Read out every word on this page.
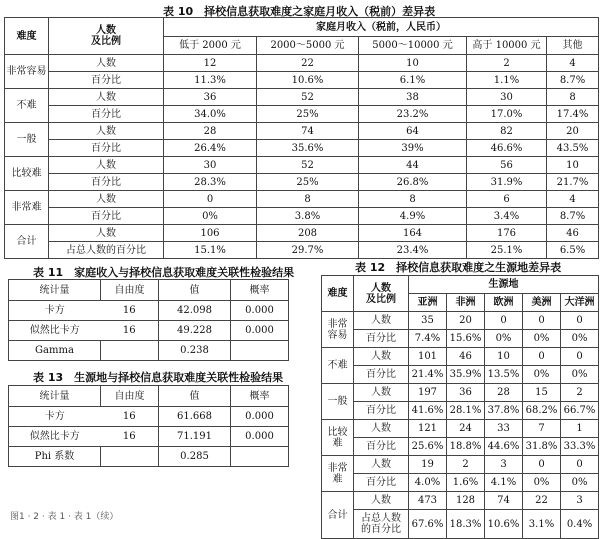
表 10　择校信息获取难度之家庭月收入（税前）差异表
难度	人数
及比例	家庭月收入（税前，人民币）				
		低于 2000 元	2000～5000 元	5000～10000 元	高于 10000 元	其他
非常容易	人数	12	22	10	2	4
	百分比	11.3%	10.6%	6.1%	1.1%	8.7%
不难	人数	36	52	38	30	8
	百分比	34.0%	25%	23.2%	17.0%	17.4%
一般	人数	28	74	64	82	20
	百分比	26.4%	35.6%	39%	46.6%	43.5%
比较难	人数	30	52	44	56	10
	百分比	28.3%	25%	26.8%	31.9%	21.7%
非常难	人数	0	8	8	6	4
	百分比	0%	3.8%	4.9%	3.4%	8.7%
合计	人数	106	208	164	176	46
	占总人数的百分比	15.1%	29.7%	23.4%	25.1%	6.5%
表 11　家庭收入与择校信息获取难度关联性检验结果
统计量	自由度	值	概率
卡方	16	42.098	0.000
似然比卡方	16	49.228	0.000
Gamma		0.238	
表 13　生源地与择校信息获取难度关联性检验结果
统计量	自由度	值	概率
卡方	16	61.668	0.000
似然比卡方	16	71.191	0.000
Phi 系数		0.285	
图1 · 2 · 表 1 · 表 1（续）
表 12　择校信息获取难度之生源地差异表
难度	人数
及比例	生源地				
		亚洲	非洲	欧洲	美洲	大洋洲
非常
容易	人数	35	20	0	0	0
	百分比	7.4%	15.6%	0%	0%	0%
不难	人数	101	46	10	0	0
	百分比	21.4%	35.9%	13.5%	0%	0%
一般	人数	197	36	28	15	2
	百分比	41.6%	28.1%	37.8%	68.2%	66.7%
比较
难	人数	121	24	33	7	1
	百分比	25.6%	18.8%	44.6%	31.8%	33.3%
非常
难	人数	19	2	3	0	0
	百分比	4.0%	1.6%	4.1%	0%	0%
合计	人数	473	128	74	22	3
	占总人数
的百分比	67.6%	18.3%	10.6%	3.1%	0.4%
